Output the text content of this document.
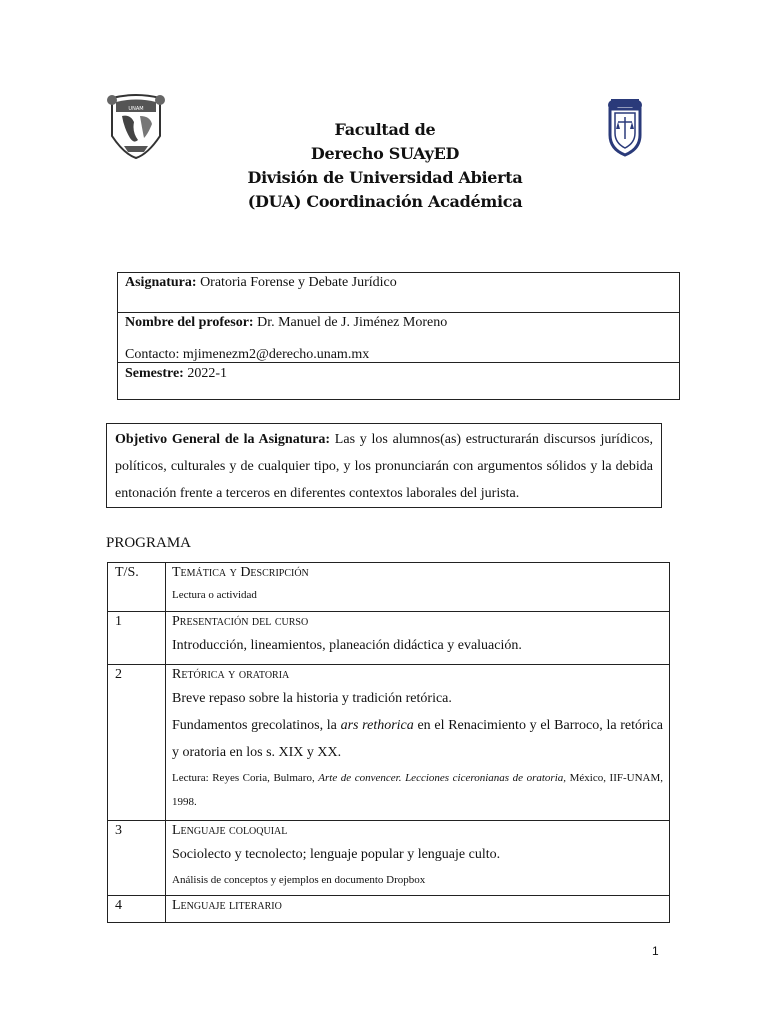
UNAM
Facultad de
Derecho SUAyED
División de Universidad Abierta
(DUA) Coordinación Académica
Asignatura: Oratoria Forense y Debate Jurídico
Nombre del profesor: Dr. Manuel de J. Jiménez Moreno
Contacto: mjimenezm2@derecho.unam.mx
Semestre: 2022-1
Objetivo General de la Asignatura: Las y los alumnos(as) estructurarán discursos jurídicos, políticos, culturales y de cualquier tipo, y los pronunciarán con argumentos sólidos y la debida entonación frente a terceros en diferentes contextos laborales del jurista.
PROGRAMA
T/S.	Temática y Descripción
Lectura o actividad

1	Presentación del curso
Introducción, lineamientos, planeación didáctica y evaluación.

2	Retórica y oratoria
Breve repaso sobre la historia y tradición retórica.
Fundamentos grecolatinos, la ars rethorica en el Renacimiento y el Barroco, la retórica y oratoria en los s. XIX y XX.
Lectura: Reyes Coria, Bulmaro, Arte de convencer. Lecciones ciceronianas de oratoria, México, IIF-UNAM, 1998.

3	Lenguaje coloquial
Sociolecto y tecnolecto; lenguaje popular y lenguaje culto.
Análisis de conceptos y ejemplos en documento Dropbox

4	Lenguaje literario
1
